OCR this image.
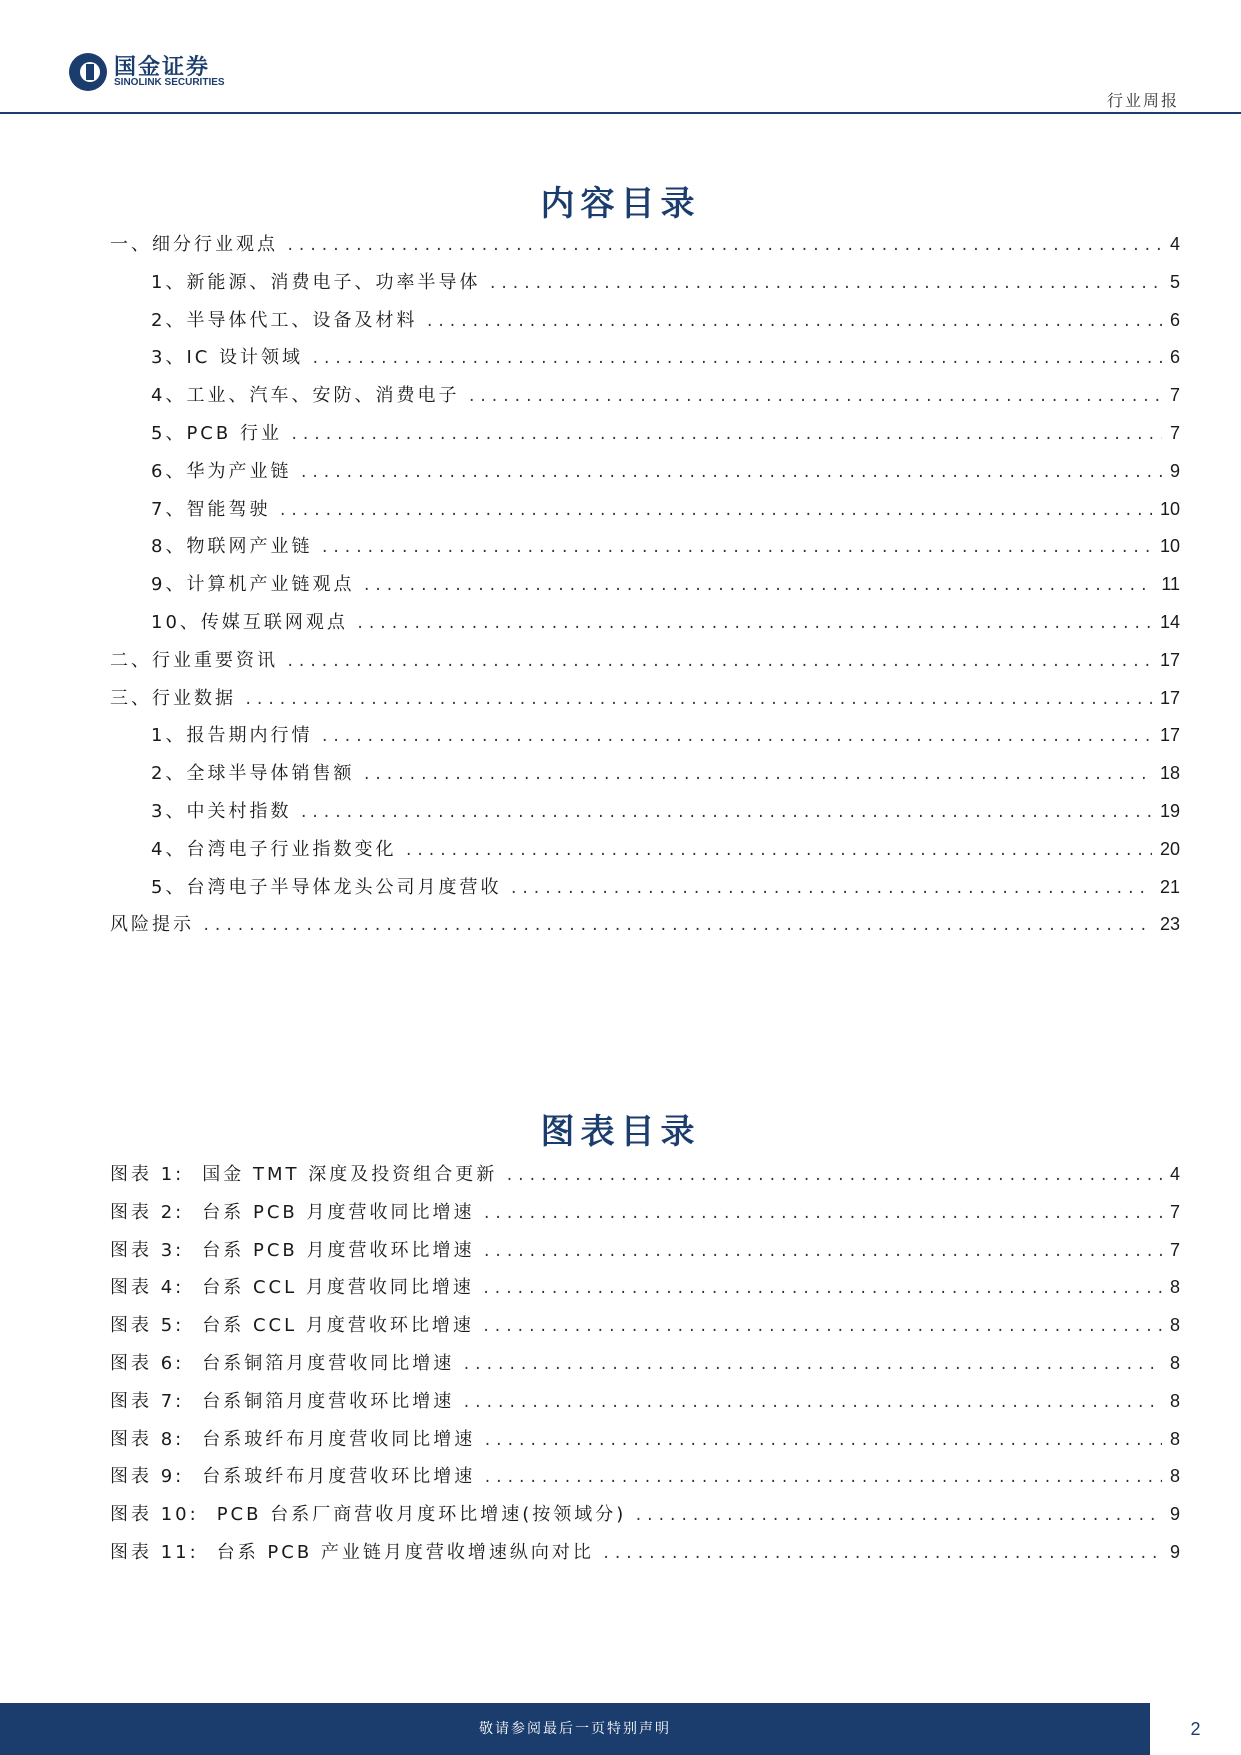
国金证券
SINOLINK SECURITIES
行业周报
内容目录
一、细分行业观点 .....	4
1、新能源、消费电子、功率半导体 .....	5
2、半导体代工、设备及材料 .....	6
3、IC 设计领域 .....	6
4、工业、汽车、安防、消费电子 .....	7
5、PCB 行业 .....	7
6、华为产业链 .....	9
7、智能驾驶 .....	10
8、物联网产业链 .....	10
9、计算机产业链观点 .....	11
10、传媒互联网观点 .....	14
二、行业重要资讯 .....	17
三、行业数据 .....	17
1、报告期内行情 .....	17
2、全球半导体销售额 .....	18
3、中关村指数 .....	19
4、台湾电子行业指数变化 .....	20
5、台湾电子半导体龙头公司月度营收 .....	21
风险提示 .....	23
图表目录
图表 1: 国金 TMT 深度及投资组合更新 .....	4
图表 2: 台系 PCB 月度营收同比增速 .....	7
图表 3: 台系 PCB 月度营收环比增速 .....	7
图表 4: 台系 CCL 月度营收同比增速 .....	8
图表 5: 台系 CCL 月度营收环比增速 .....	8
图表 6: 台系铜箔月度营收同比增速 .....	8
图表 7: 台系铜箔月度营收环比增速 .....	8
图表 8: 台系玻纤布月度营收同比增速 .....	8
图表 9: 台系玻纤布月度营收环比增速 .....	8
图表 10: PCB 台系厂商营收月度环比增速(按领域分) .....	9
图表 11: 台系 PCB 产业链月度营收增速纵向对比 .....	9
敬请参阅最后一页特别声明	2
